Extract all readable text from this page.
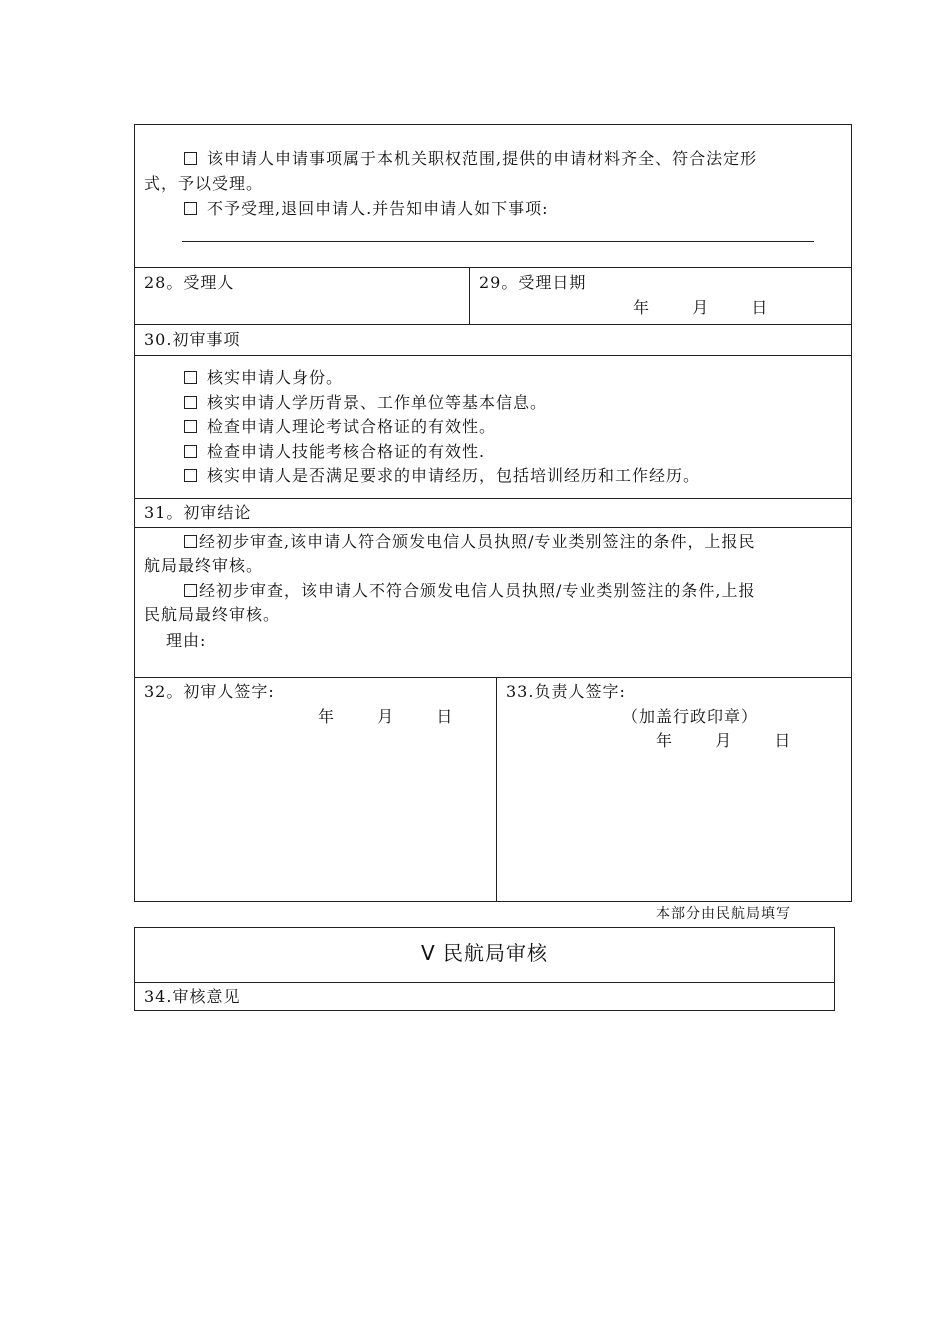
该申请人申请事项属于本机关职权范围,提供的申请材料齐全、符合法定形
式，予以受理。
不予受理,退回申请人.并告知申请人如下事项:
28。受理人	29。受理日期
年	月	日
30.初审事项
核实申请人身份。
核实申请人学历背景、工作单位等基本信息。
检查申请人理论考试合格证的有效性。
检查申请人技能考核合格证的有效性.
核实申请人是否满足要求的申请经历，包括培训经历和工作经历。
31。初审结论
经初步审查,该申请人符合颁发电信人员执照/专业类别签注的条件，上报民
航局最终审核。
经初步审查，该申请人不符合颁发电信人员执照/专业类别签注的条件,上报
民航局最终审核。
理由:
32。初审人签字:
年	月	日
33.负责人签字:
（加盖行政印章）
年	月	日
本部分由民航局填写
V 民航局审核
34.审核意见
